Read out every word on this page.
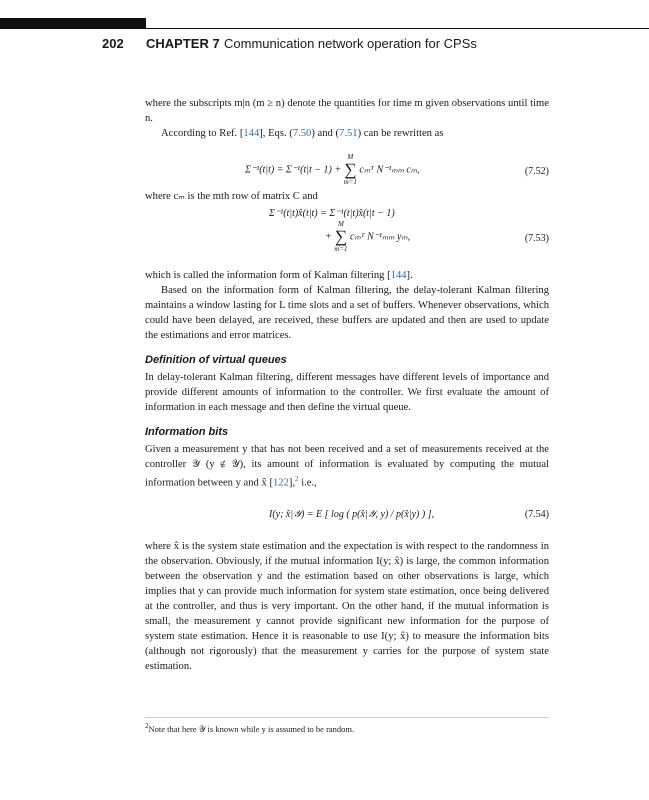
202 CHAPTER 7 Communication network operation for CPSs

where the subscripts m|n (m ≥ n) denote the quantities for time m given observations until time n.

According to Ref. [144], Eqs. (7.50) and (7.51) can be rewritten as

Σ⁻¹(t|t) = Σ⁻¹(t|t − 1) + M
∑
m=1 cₘᵀ N⁻¹ₘₘ cₘ,	(7.52)

where cₘ is the mth row of matrix C and

Σ⁻¹(t|t)x̂(t|t) = Σ⁻¹(t|t)x̂(t|t − 1)
+ M
∑
m=1 cₘᵀ N⁻¹ₘₘ yₘ,	(7.53)

which is called the information form of Kalman filtering [144].

Based on the information form of Kalman filtering, the delay-tolerant Kalman filtering maintains a window lasting for L time slots and a set of buffers. Whenever observations, which could have been delayed, are received, these buffers are updated and then are used to update the estimations and error matrices.

Definition of virtual queues

In delay-tolerant Kalman filtering, different messages have different levels of importance and provide different amounts of information to the controller. We first evaluate the amount of information in each message and then define the virtual queue.

Information bits

Given a measurement y that has not been received and a set of measurements received at the controller 𝒴 (y ∉ 𝒴), its amount of information is evaluated by computing the mutual information between y and x̂ [122],$^2$ i.e.,

I(y; x̂|𝒴) = E [ log ( p(x̂|𝒴, y) / p(x̂|y) ) ],	(7.54)

where x̂ is the system state estimation and the expectation is with respect to the randomness in the observation. Obviously, if the mutual information I(y; x̂) is large, the common information between the observation y and the estimation based on other observations is large, which implies that y can provide much information for system state estimation, once being delivered at the controller, and thus is very important. On the other hand, if the mutual information is small, the measurement y cannot provide significant new information for the purpose of system state estimation. Hence it is reasonable to use I(y; x̂) to measure the information bits (although not rigorously) that the measurement y carries for the purpose of system state estimation.

$^2$Note that here 𝒴 is known while y is assumed to be random.
